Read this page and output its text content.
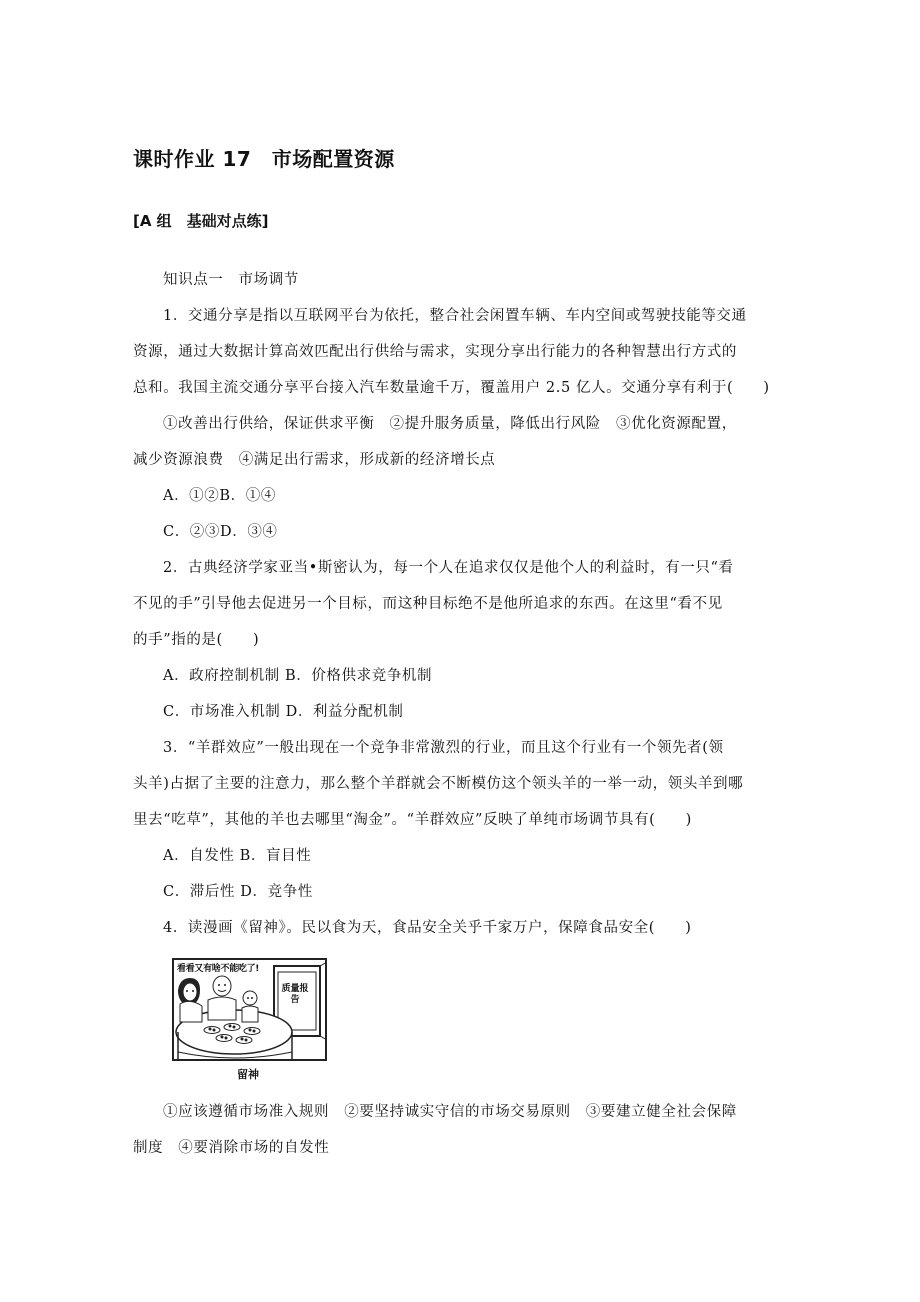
课时作业 17　市场配置资源
[A 组　基础对点练]
知识点一　市场调节
1．交通分享是指以互联网平台为依托，整合社会闲置车辆、车内空间或驾驶技能等交通
资源，通过大数据计算高效匹配出行供给与需求，实现分享出行能力的各种智慧出行方式的
总和。我国主流交通分享平台接入汽车数量逾千万，覆盖用户 2.5 亿人。交通分享有利于(　　)
①改善出行供给，保证供求平衡　②提升服务质量，降低出行风险　③优化资源配置，
减少资源浪费　④满足出行需求，形成新的经济增长点
A．①②B．①④
C．②③D．③④
2．古典经济学家亚当•斯密认为，每一个人在追求仅仅是他个人的利益时，有一只“看
不见的手”引导他去促进另一个目标，而这种目标绝不是他所追求的东西。在这里“看不见
的手”指的是(　　)
A．政府控制机制 B．价格供求竞争机制
C．市场准入机制 D．利益分配机制
3．“羊群效应”一般出现在一个竞争非常激烈的行业，而且这个行业有一个领先者(领
头羊)占据了主要的注意力，那么整个羊群就会不断模仿这个领头羊的一举一动，领头羊到哪
里去“吃草”，其他的羊也去哪里“淘金”。“羊群效应”反映了单纯市场调节具有(　　)
A．自发性 B．盲目性
C．滞后性 D．竞争性
4．读漫画《留神》。民以食为天，食品安全关乎千家万户，保障食品安全(　　)
看看又有啥不能吃了!
质量报告
留神
①应该遵循市场准入规则　②要坚持诚实守信的市场交易原则　③要建立健全社会保障
制度　④要消除市场的自发性
